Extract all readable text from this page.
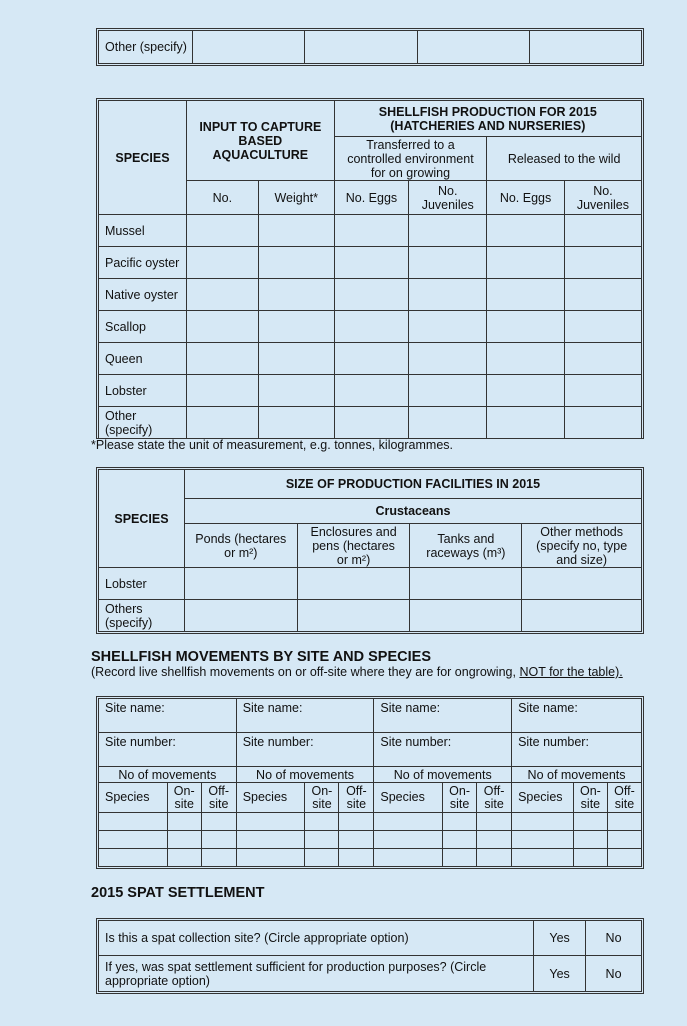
Other (specify)				
SPECIES	INPUT TO CAPTURE BASED AQUACULTURE		SHELLFISH PRODUCTION FOR 2015
(HATCHERIES AND NURSERIES)			

			Transferred to a controlled environment for on growing		Released to the wild	
	No.	Weight*	No. Eggs	No. Juveniles	No. Eggs	No. Juveniles
Mussel						
Pacific oyster						
Native oyster						
Scallop						
Queen						
Lobster						
Other (specify)						
*Please state the unit of measurement, e.g. tonnes, kilogrammes.
SPECIES	SIZE OF PRODUCTION FACILITIES IN 2015			
	Crustaceans			
	Ponds (hectares or m²)	Enclosures and pens (hectares or m²)	Tanks and raceways (m³)	Other methods (specify no, type and size)
Lobster				
Others (specify)				
SHELLFISH MOVEMENTS BY SITE AND SPECIES
(Record live shellfish movements on or off-site where they are for ongrowing, NOT for the table).
Site name:			Site name:			Site name:			Site name:		
Site number:			Site number:			Site number:			Site number:		
No of movements			No of movements			No of movements			No of movements		
Species	On-site	Off-site	Species	On-site	Off-site	Species	On-site	Off-site	Species	On-site	Off-site

2015 SPAT SETTLEMENT
Is this a spat collection site? (Circle appropriate option)	Yes	No
If yes, was spat settlement sufficient for production purposes? (Circle appropriate option)	Yes	No
